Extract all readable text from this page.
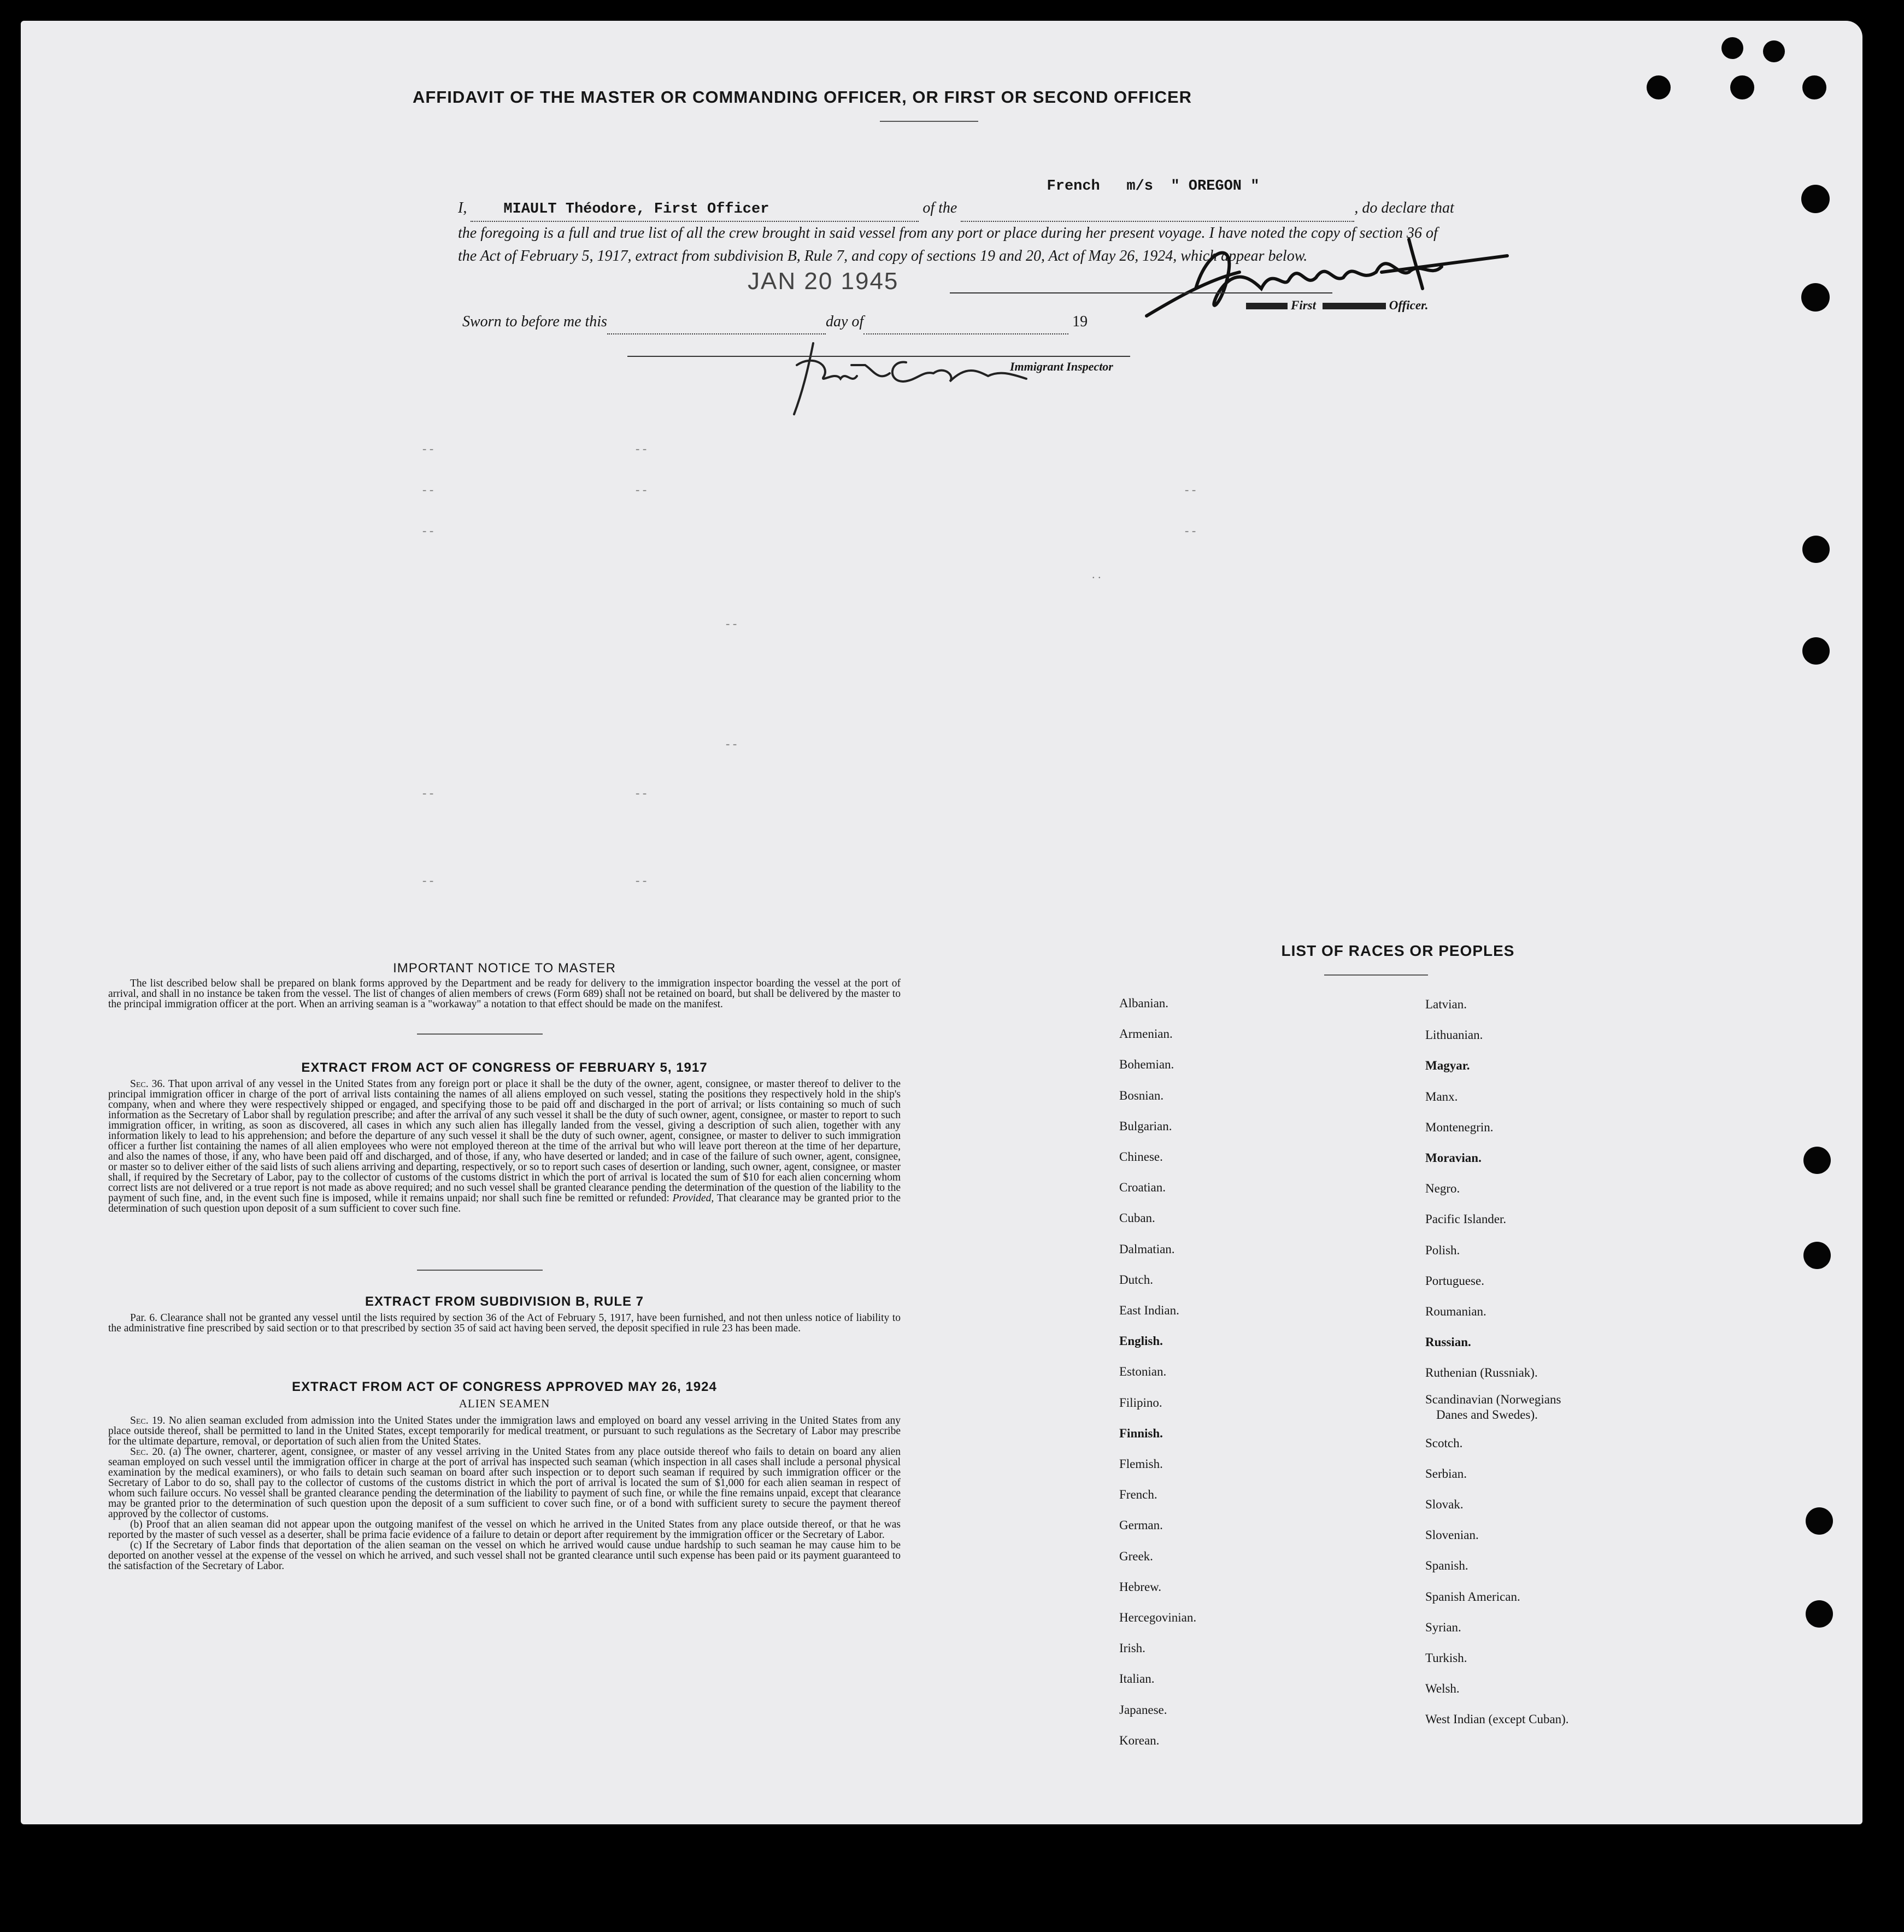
AFFIDAVIT OF THE MASTER OR COMMANDING OFFICER, OR FIRST OR SECOND OFFICER
I, MIAULT Théodore, First Officer	of the
French   m/s  " OREGON "
, do declare that the foregoing is a full and true list of all the crew brought in said vessel from any port or place during her present voyage. I have noted the copy of section 36 of the Act of February 5, 1917, extract from subdivision B, Rule 7, and copy of sections 19 and 20, Act of May 26, 1924, which appear below.
First	Officer.
JAN 20 1945
Sworn to before me this	day of	19
Immigrant Inspector
- -
- -
- -
- -
- -
- -
- -
- -
- -
. .
- -	- -
- -	- -
IMPORTANT NOTICE TO MASTER

The list described below shall be prepared on blank forms approved by the Department and be ready for delivery to the immigration inspector boarding the vessel at the port of arrival, and shall in no instance be taken from the vessel. The list of changes of alien members of crews (Form 689) shall not be retained on board, but shall be delivered by the master to the principal immigration officer at the port. When an arriving seaman is a "workaway" a notation to that effect should be made on the manifest.

EXTRACT FROM ACT OF CONGRESS OF FEBRUARY 5, 1917

Sec. 36. That upon arrival of any vessel in the United States from any foreign port or place it shall be the duty of the owner, agent, consignee, or master thereof to deliver to the principal immigration officer in charge of the port of arrival lists containing the names of all aliens employed on such vessel, stating the positions they respectively hold in the ship's company, when and where they were respectively shipped or engaged, and specifying those to be paid off and discharged in the port of arrival; or lists containing so much of such information as the Secretary of Labor shall by regulation prescribe; and after the arrival of any such vessel it shall be the duty of such owner, agent, consignee, or master to report to such immigration officer, in writing, as soon as discovered, all cases in which any such alien has illegally landed from the vessel, giving a description of such alien, together with any information likely to lead to his apprehension; and before the departure of any such vessel it shall be the duty of such owner, agent, consignee, or master to deliver to such immigration officer a further list containing the names of all alien employees who were not employed thereon at the time of the arrival but who will leave port thereon at the time of her departure, and also the names of those, if any, who have been paid off and discharged, and of those, if any, who have deserted or landed; and in case of the failure of such owner, agent, consignee, or master so to deliver either of the said lists of such aliens arriving and departing, respectively, or so to report such cases of desertion or landing, such owner, agent, consignee, or master shall, if required by the Secretary of Labor, pay to the collector of customs of the customs district in which the port of arrival is located the sum of $10 for each alien concerning whom correct lists are not delivered or a true report is not made as above required; and no such vessel shall be granted clearance pending the determination of the question of the liability to the payment of such fine, and, in the event such fine is imposed, while it remains unpaid; nor shall such fine be remitted or refunded: Provided, That clearance may be granted prior to the determination of such question upon deposit of a sum sufficient to cover such fine.

EXTRACT FROM SUBDIVISION B, RULE 7

Par. 6. Clearance shall not be granted any vessel until the lists required by section 36 of the Act of February 5, 1917, have been furnished, and not then unless notice of liability to the administrative fine prescribed by said section or to that prescribed by section 35 of said act having been served, the deposit specified in rule 23 has been made.

EXTRACT FROM ACT OF CONGRESS APPROVED MAY 26, 1924
ALIEN SEAMEN

Sec. 19. No alien seaman excluded from admission into the United States under the immigration laws and employed on board any vessel arriving in the United States from any place outside thereof, shall be permitted to land in the United States, except temporarily for medical treatment, or pursuant to such regulations as the Secretary of Labor may prescribe for the ultimate departure, removal, or deportation of such alien from the United States.

Sec. 20. (a) The owner, charterer, agent, consignee, or master of any vessel arriving in the United States from any place outside thereof who fails to detain on board any alien seaman employed on such vessel until the immigration officer in charge at the port of arrival has inspected such seaman (which inspection in all cases shall include a personal physical examination by the medical examiners), or who fails to detain such seaman on board after such inspection or to deport such seaman if required by such immigration officer or the Secretary of Labor to do so, shall pay to the collector of customs of the customs district in which the port of arrival is located the sum of $1,000 for each alien seaman in respect of whom such failure occurs. No vessel shall be granted clearance pending the determination of the liability to payment of such fine, or while the fine remains unpaid, except that clearance may be granted prior to the determination of such question upon the deposit of a sum sufficient to cover such fine, or of a bond with sufficient surety to secure the payment thereof approved by the collector of customs.

(b) Proof that an alien seaman did not appear upon the outgoing manifest of the vessel on which he arrived in the United States from any place outside thereof, or that he was reported by the master of such vessel as a deserter, shall be prima facie evidence of a failure to detain or deport after requirement by the immigration officer or the Secretary of Labor.

(c) If the Secretary of Labor finds that deportation of the alien seaman on the vessel on which he arrived would cause undue hardship to such seaman he may cause him to be deported on another vessel at the expense of the vessel on which he arrived, and such vessel shall not be granted clearance until such expense has been paid or its payment guaranteed to the satisfaction of the Secretary of Labor.

LIST OF RACES OR PEOPLES
Albanian.
Armenian.
Bohemian.
Bosnian.
Bulgarian.
Chinese.
Croatian.
Cuban.
Dalmatian.
Dutch.
East Indian.
English.
Estonian.
Filipino.
Finnish.
Flemish.
French.
German.
Greek.
Hebrew.
Hercegovinian.
Irish.
Italian.
Japanese.
Korean.
Latvian.
Lithuanian.
Magyar.
Manx.
Montenegrin.
Moravian.
Negro.
Pacific Islander.
Polish.
Portuguese.
Roumanian.
Russian.
Ruthenian (Russniak).
Scandinavian (Norwegians
Danes and Swedes).
Scotch.
Serbian.
Slovak.
Slovenian.
Spanish.
Spanish American.
Syrian.
Turkish.
Welsh.
West Indian (except Cuban).
